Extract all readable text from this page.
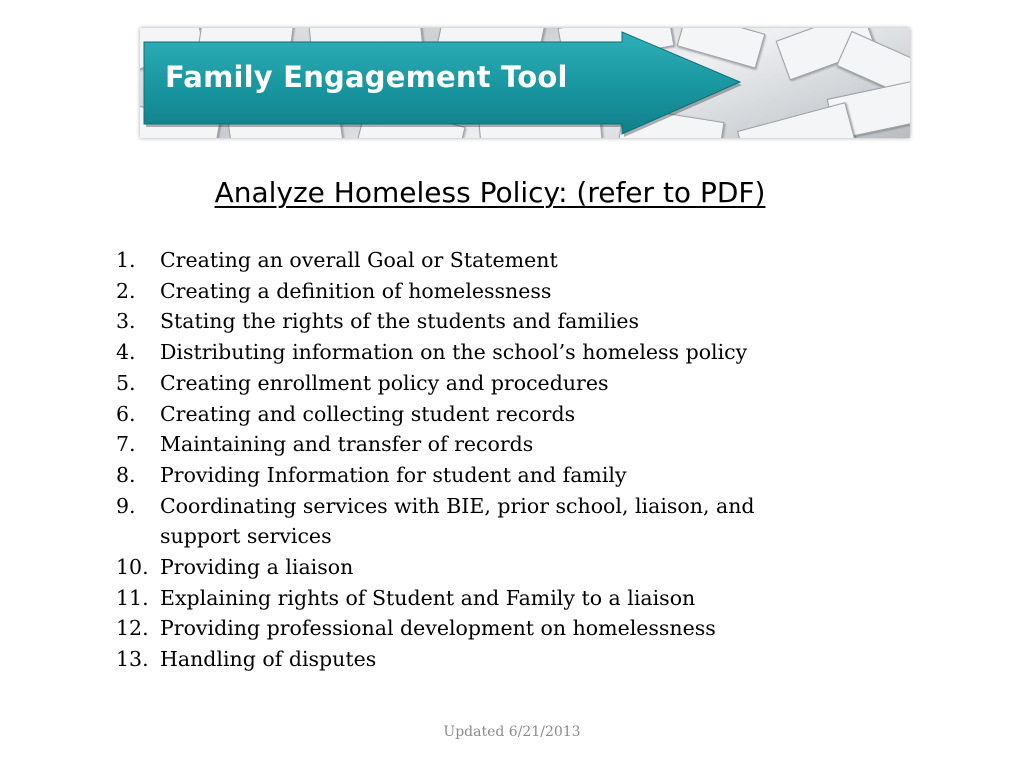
Family Engagement Tool
Analyze Homeless Policy: (refer to PDF)
1.	Creating an overall Goal or Statement
2.	Creating a definition of homelessness
3.	Stating the rights of the students and families
4.	Distributing information on the school’s homeless policy
5.	Creating enrollment policy and procedures
6.	Creating and collecting student records
7.	Maintaining and transfer of records
8.	Providing Information for student and family
9.	Coordinating services with BIE, prior school, liaison, and support services
10. Providing a liaison
11. Explaining rights of Student and Family to a liaison
12. Providing professional development on homelessness
13. Handling of disputes
Updated 6/21/2013
